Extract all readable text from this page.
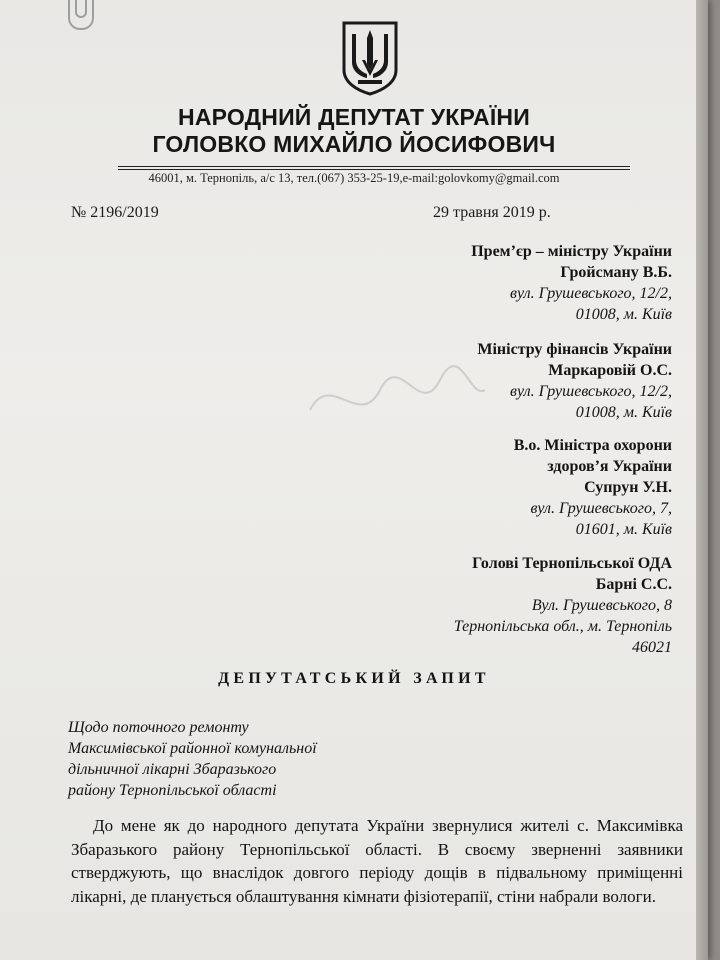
НАРОДНИЙ ДЕПУТАТ УКРАЇНИ
ГОЛОВКО МИХАЙЛО ЙОСИФОВИЧ
46001, м. Тернопіль, а/с 13, тел.(067) 353-25-19,e-mail:golovkomy@gmail.com
№ 2196/2019	29 травня 2019 р.
Прем’єр – міністру України
Гройсману В.Б.
вул. Грушевського, 12/2,
01008, м. Київ
Міністру фінансів України
Маркаровій О.С.
вул. Грушевського, 12/2,
01008, м. Київ
В.о. Міністра охорони
здоров’я України
Супрун У.Н.
вул. Грушевського, 7,
01601, м. Київ
Голові Тернопільської ОДА
Барні С.С.
Вул. Грушевського, 8
Тернопільська обл., м. Тернопіль
46021
ДЕПУТАТСЬКИЙ ЗАПИТ
Щодо поточного ремонту
Максимівської районної комунальної
дільничної лікарні Збаразького
району Тернопільської області
До мене як до народного депутата України звернулися жителі с. Максимівка Збаразького району Тернопільської області. В своєму зверненні заявники стверджують, що внаслідок довгого періоду дощів в підвальному приміщенні лікарні, де планується облаштування кімнати фізіотерапії, стіни набрали вологи.
